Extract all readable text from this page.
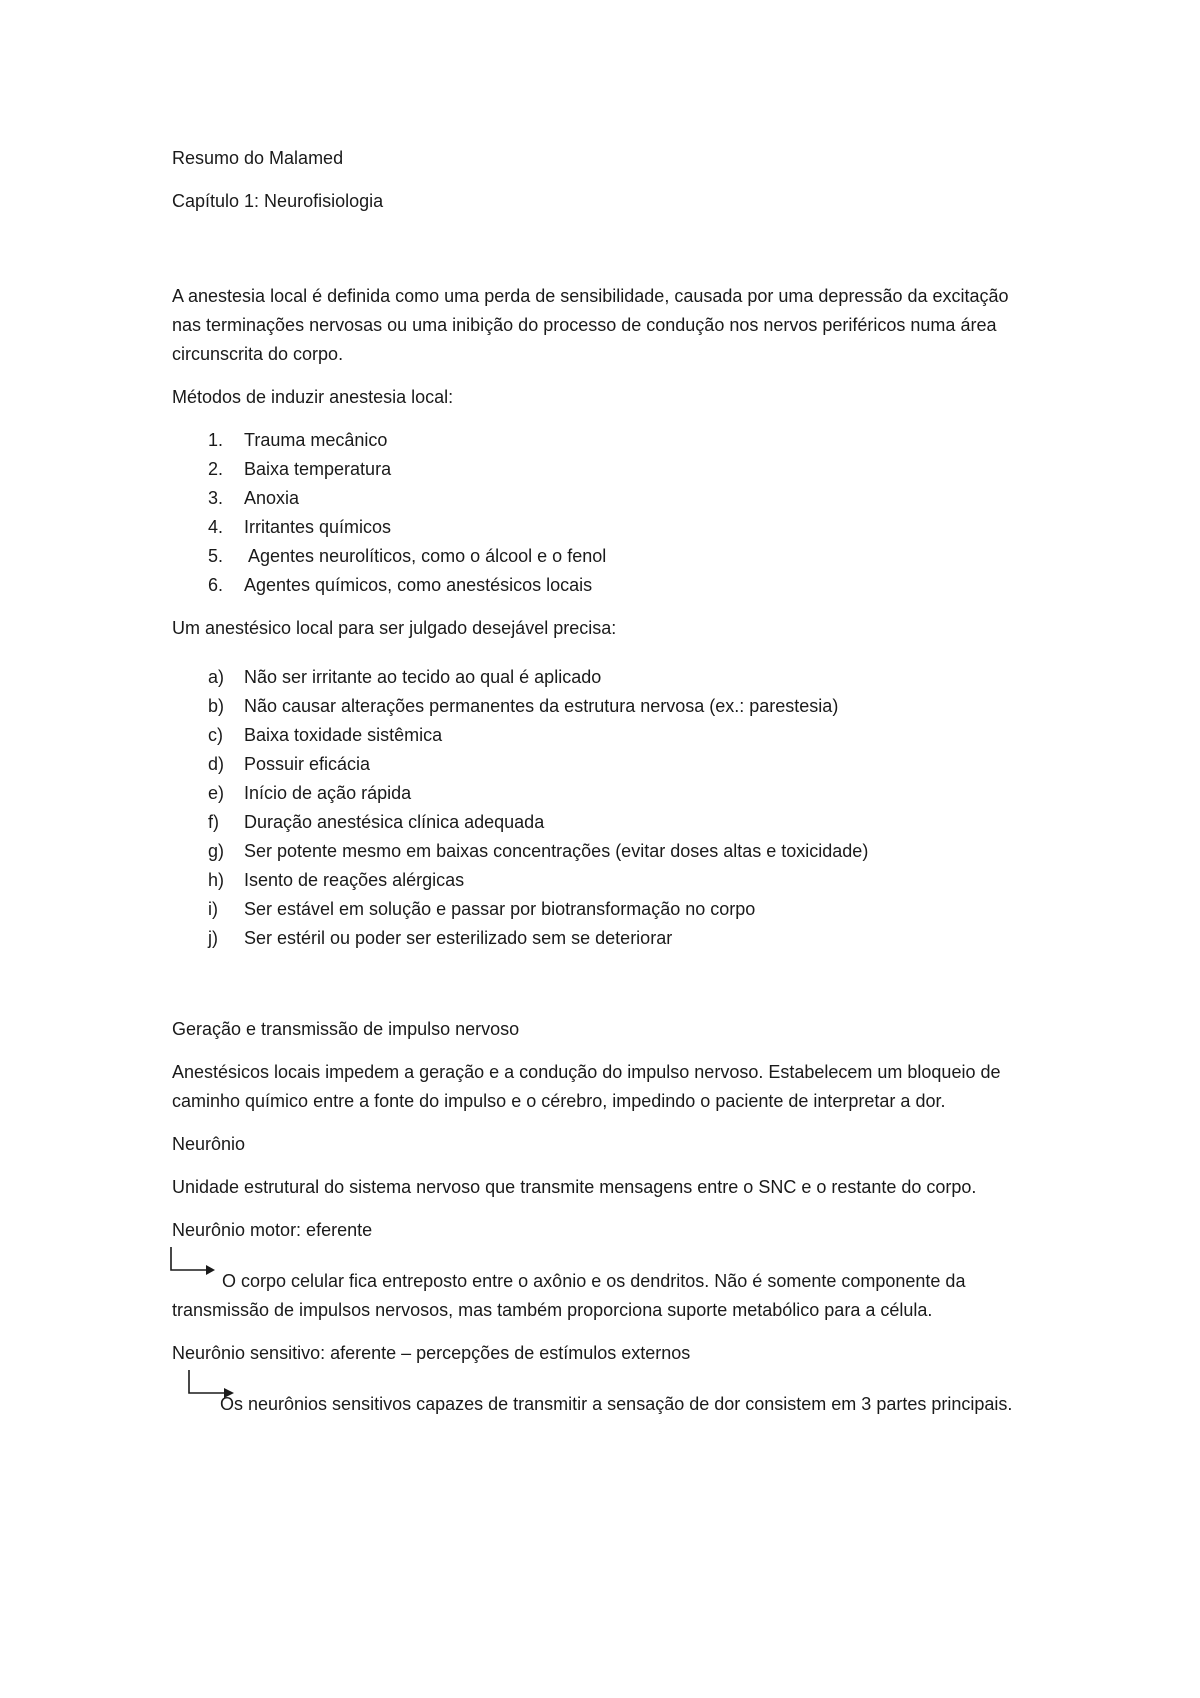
Resumo do Malamed

Capítulo 1: Neurofisiologia

A anestesia local é definida como uma perda de sensibilidade, causada por uma depressão da excitação nas terminações nervosas ou uma inibição do processo de condução nos nervos periféricos numa área circunscrita do corpo.

Métodos de induzir anestesia local:

1. Trauma mecânico
2. Baixa temperatura
3. Anoxia
4. Irritantes químicos
5. Agentes neurolíticos, como o álcool e o fenol
6. Agentes químicos, como anestésicos locais

Um anestésico local para ser julgado desejável precisa:

a) Não ser irritante ao tecido ao qual é aplicado
b) Não causar alterações permanentes da estrutura nervosa (ex.: parestesia)
c) Baixa toxidade sistêmica
d) Possuir eficácia
e) Início de ação rápida
f) Duração anestésica clínica adequada
g) Ser potente mesmo em baixas concentrações (evitar doses altas e toxicidade)
h) Isento de reações alérgicas
i) Ser estável em solução e passar por biotransformação no corpo
j) Ser estéril ou poder ser esterilizado sem se deteriorar

Geração e transmissão de impulso nervoso

Anestésicos locais impedem a geração e a condução do impulso nervoso. Estabelecem um bloqueio de caminho químico entre a fonte do impulso e o cérebro, impedindo o paciente de interpretar a dor.

Neurônio

Unidade estrutural do sistema nervoso que transmite mensagens entre o SNC e o restante do corpo.

Neurônio motor: eferente

O corpo celular fica entreposto entre o axônio e os dendritos. Não é somente componente da transmissão de impulsos nervosos, mas também proporciona suporte metabólico para a célula.

Neurônio sensitivo: aferente – percepções de estímulos externos

Os neurônios sensitivos capazes de transmitir a sensação de dor consistem em 3 partes principais.
